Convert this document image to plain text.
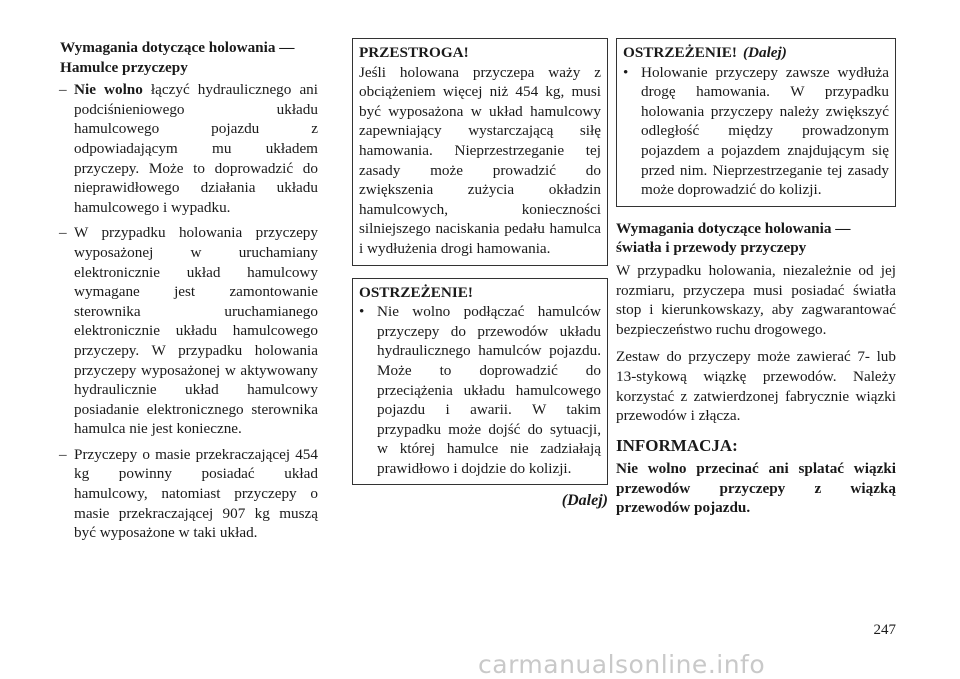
Wymagania dotyczące holowania — Hamulce przyczepy
– Nie wolno łączyć hydraulicznego ani podciśnieniowego układu hamulcowego pojazdu z odpowiadającym mu układem przyczepy. Może to doprowadzić do nieprawidłowego działania układu hamulcowego i wypadku.
– W przypadku holowania przyczepy wyposażonej w uruchamiany elektronicznie układ hamulcowy wymagane jest zamontowanie sterownika uruchamianego elektronicznie układu hamulcowego przyczepy. W przypadku holowania przyczepy wyposażonej w aktywowany hydraulicznie układ hamulcowy posiadanie elektronicznego sterownika hamulca nie jest konieczne.
– Przyczepy o masie przekraczającej 454 kg powinny posiadać układ hamulcowy, natomiast przyczepy o masie przekraczającej 907 kg muszą być wyposażone w taki układ.
PRZESTROGA!
Jeśli holowana przyczepa waży z obciążeniem więcej niż 454 kg, musi być wyposażona w układ hamulcowy zapewniający wystarczającą siłę hamowania. Nieprzestrzeganie tej zasady może prowadzić do zwiększenia zużycia okładzin hamulcowych, konieczności silniejszego naciskania pedału hamulca i wydłużenia drogi hamowania.
OSTRZEŻENIE!
• Nie wolno podłączać hamulców przyczepy do przewodów układu hydraulicznego hamulców pojazdu. Może to doprowadzić do przeciążenia układu hamulcowego pojazdu i awarii. W takim przypadku może dojść do sytuacji, w której hamulce nie zadziałają prawidłowo i dojdzie do kolizji.
(Dalej)
OSTRZEŻENIE! (Dalej)
• Holowanie przyczepy zawsze wydłuża drogę hamowania. W przypadku holowania przyczepy należy zwiększyć odległość między prowadzonym pojazdem a pojazdem znajdującym się przed nim. Nieprzestrzeganie tej zasady może doprowadzić do kolizji.
Wymagania dotyczące holowania — światła i przewody przyczepy

W przypadku holowania, niezależnie od jej rozmiaru, przyczepa musi posiadać światła stop i kierunkowskazy, aby zagwarantować bezpieczeństwo ruchu drogowego.

Zestaw do przyczepy może zawierać 7- lub 13-stykową wiązkę przewodów. Należy korzystać z zatwierdzonej fabrycznie wiązki przewodów i złącza.

INFORMACJA:
Nie wolno przecinać ani splatać wiązki przewodów przyczepy z wiązką przewodów pojazdu.
247
carmanualsonline.info
